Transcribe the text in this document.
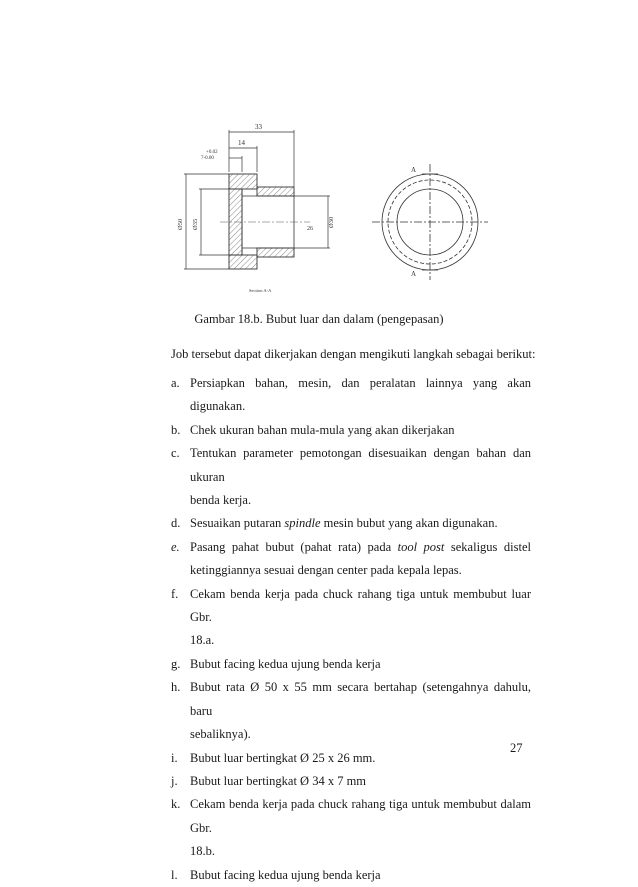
33
14
+0.02
7-0.00
Ø50 Ø35	26
Ø30
Section A-A
A
A
Gambar 18.b. Bubut luar dan dalam (pengepasan)
Job tersebut dapat dikerjakan dengan mengikuti langkah sebagai berikut:
a. Persiapkan bahan, mesin, dan peralatan lainnya yang akan digunakan.
b. Chek ukuran bahan mula-mula yang akan dikerjakan
c. Tentukan parameter pemotongan disesuaikan dengan bahan dan ukuran
benda kerja.
d. Sesuaikan putaran spindle mesin bubut yang akan digunakan.
e. Pasang pahat bubut (pahat rata) pada tool post sekaligus distel
ketinggiannya sesuai dengan center pada kepala lepas.
f. Cekam benda kerja pada chuck rahang tiga untuk membubut luar Gbr.
18.a.
g. Bubut facing kedua ujung benda kerja
h. Bubut rata Ø 50 x 55 mm secara bertahap (setengahnya dahulu, baru
sebaliknya).
i. Bubut luar bertingkat Ø 25 x 26 mm.
j. Bubut luar bertingkat Ø 34 x 7 mm
k. Cekam benda kerja pada chuck rahang tiga untuk membubut dalam Gbr.
18.b.
l. Bubut facing kedua ujung benda kerja
27
